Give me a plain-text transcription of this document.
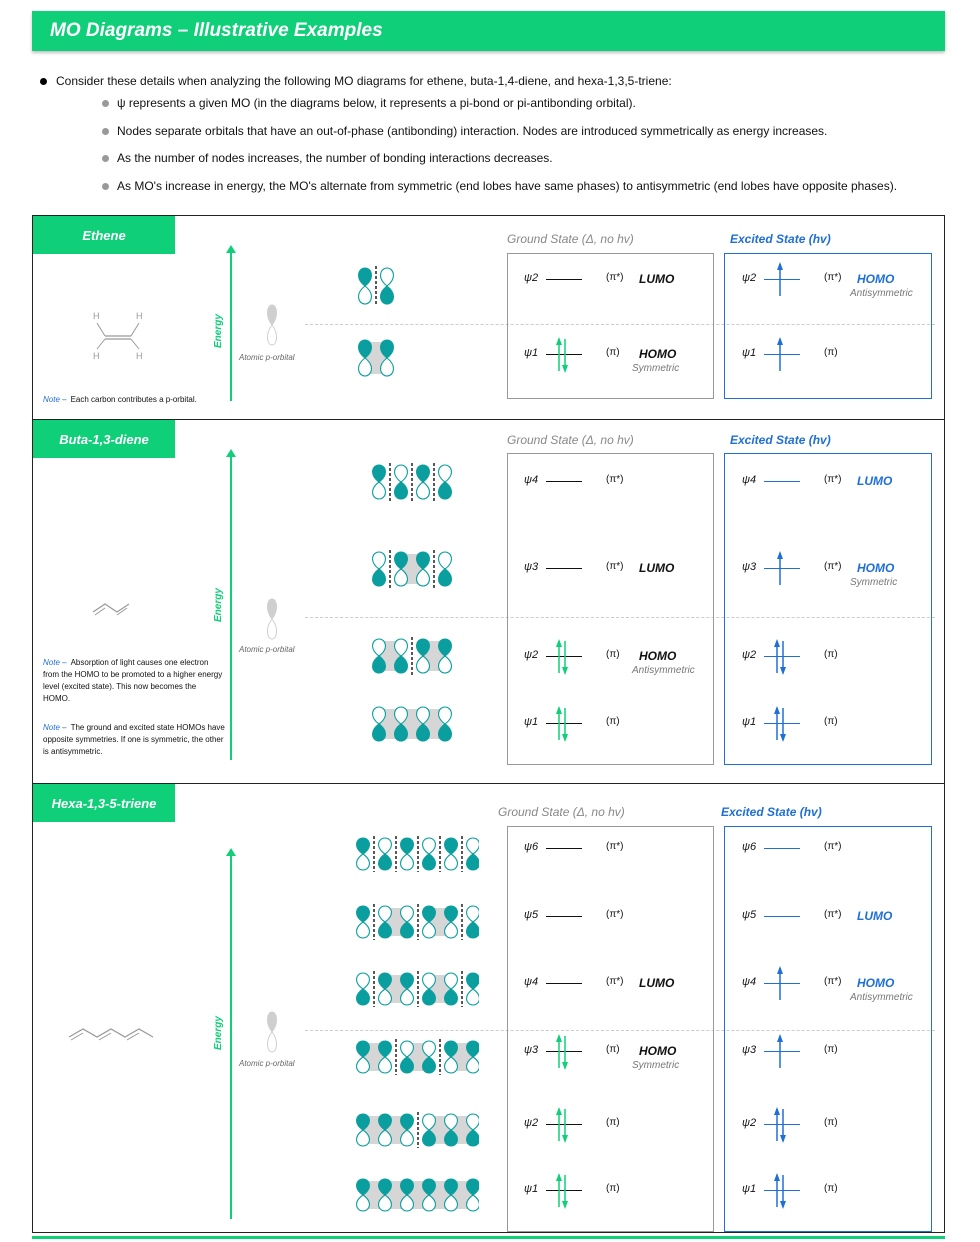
MO Diagrams – Illustrative Examples
Consider these details when analyzing the following MO diagrams for ethene, buta-1,4-diene, and hexa-1,3,5-triene:
ψ represents a given MO (in the diagrams below, it represents a pi-bond or pi-antibonding orbital).
Nodes separate orbitals that have an out-of-phase (antibonding) interaction. Nodes are introduced symmetrically as energy increases.
As the number of nodes increases, the number of bonding interactions decreases.
As MO's increase in energy, the MO's alternate from symmetric (end lobes have same phases) to antisymmetric (end lobes have opposite phases).
Ethene
H	H
H	H
Note – Each carbon contributes a p-orbital.
Energy
Atomic p-orbital
Ground State (Δ, no hv)	Excited State (hv)
ψ2	(π*) LUMO
ψ1	(π) HOMO
Symmetric
ψ2	(π*) HOMO
Antisymmetric
ψ1	(π)
Buta-1,3-diene
Note – Absorption of light causes one electron from the HOMO to be promoted to a higher energy level (excited state). This now becomes the HOMO.
Note – The ground and excited state HOMOs have opposite symmetries. If one is symmetric, the other is antisymmetric.
Energy
Atomic p-orbital
Ground State (Δ, no hv)	Excited State (hv)
ψ4	(π*)
ψ3	(π*) LUMO
ψ2	(π) HOMO
Antisymmetric
ψ1	(π)
ψ4	(π*) LUMO
ψ3	(π*) HOMO
Symmetric
ψ2	(π)
ψ1	(π)
Hexa-1,3-5-triene
Energy
Atomic p-orbital
Ground State (Δ, no hv)	Excited State (hv)
ψ6	(π*)
ψ5	(π*)
ψ4	(π*) LUMO
ψ3	(π) HOMO
Symmetric
ψ2	(π)
ψ1	(π)
ψ6	(π*)
ψ5	(π*) LUMO
ψ4	(π*) HOMO
Antisymmetric
ψ3	(π)
ψ2	(π)
ψ1	(π)
